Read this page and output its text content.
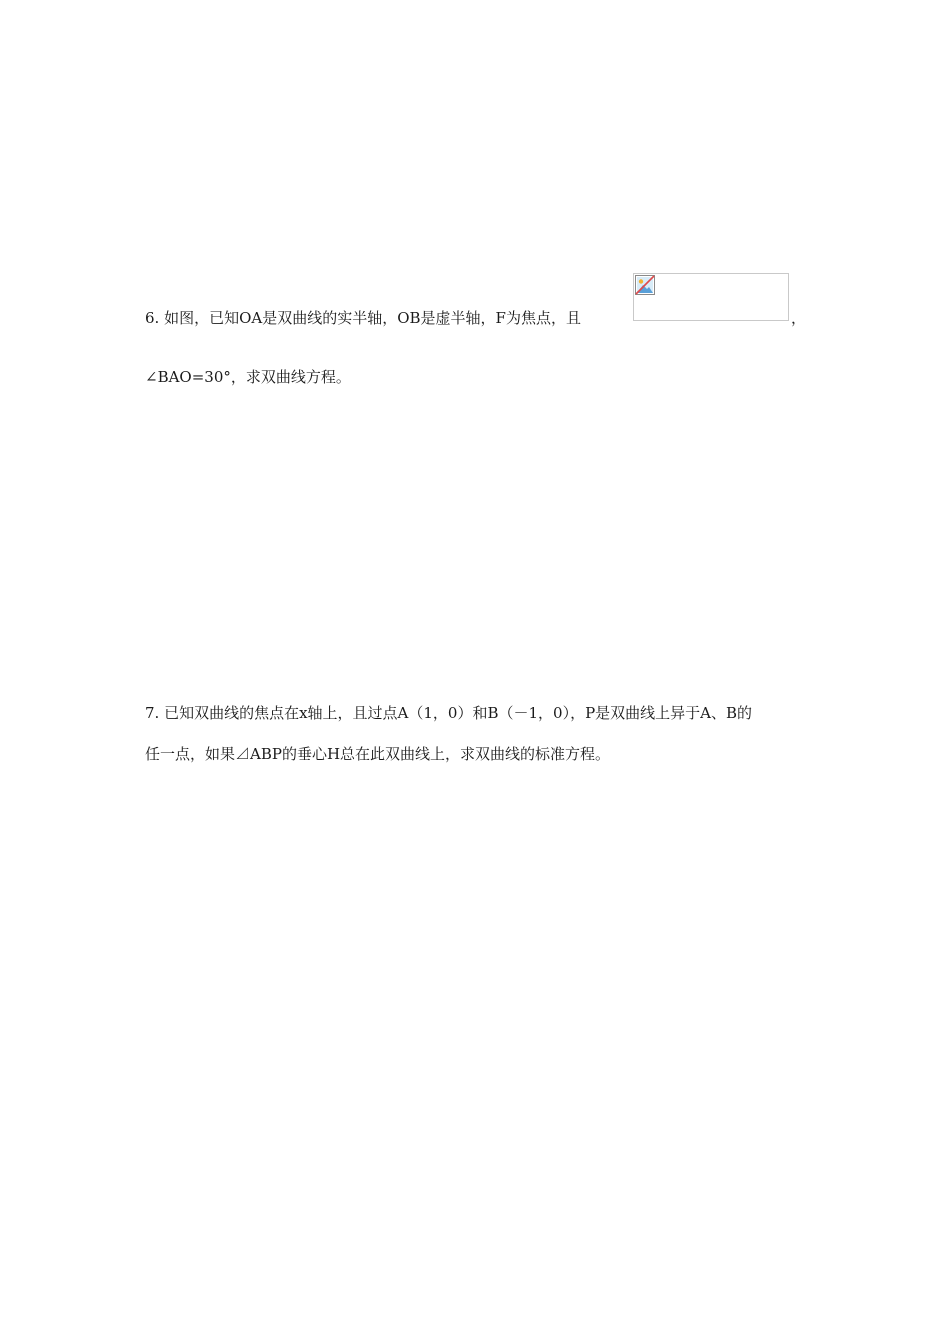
6. 如图，已知OA是双曲线的实半轴，OB是虚半轴，F为焦点，且	，
∠BAO=30°，求双曲线方程。
7. 已知双曲线的焦点在x轴上，且过点A（1，0）和B（－1，0），P是双曲线上异于A、B的
任一点，如果⊿ABP的垂心H总在此双曲线上，求双曲线的标准方程。
